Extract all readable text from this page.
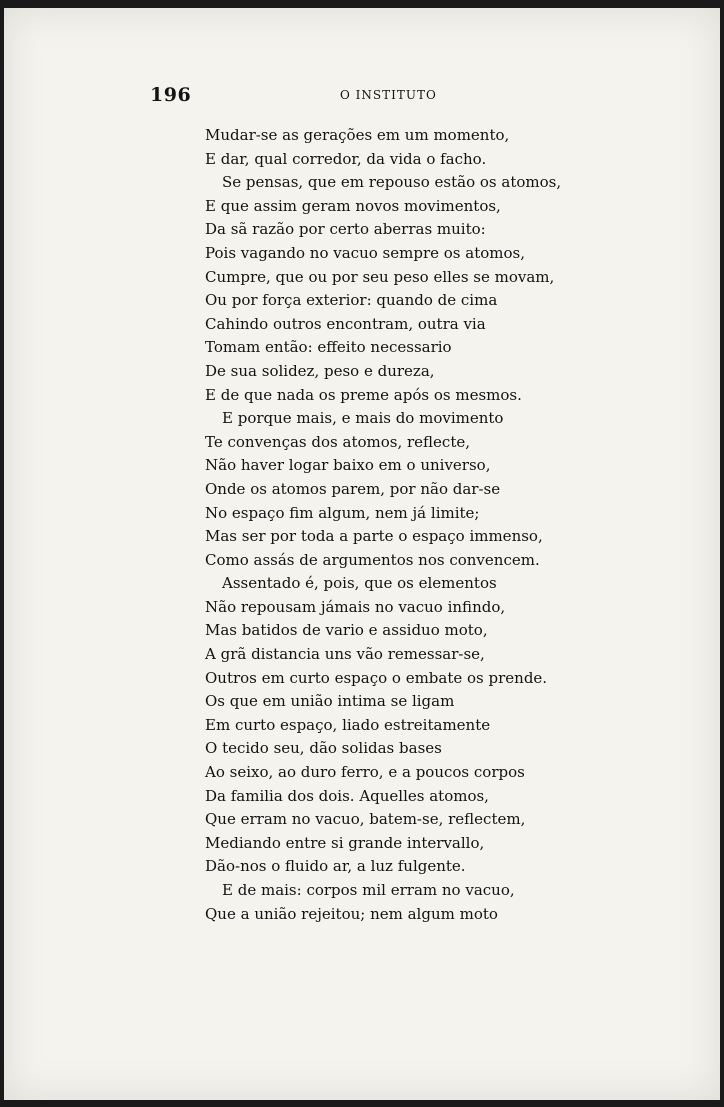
196	O INSTITUTO
Mudar-se as gerações em um momento,
E dar, qual corredor, da vida o facho.
Se pensas, que em repouso estão os atomos,
E que assim geram novos movimentos,
Da sã razão por certo aberras muito:
Pois vagando no vacuo sempre os atomos,
Cumpre, que ou por seu peso elles se movam,
Ou por força exterior: quando de cima
Cahindo outros encontram, outra via
Tomam então: effeito necessario
De sua solidez, peso e dureza,
E de que nada os preme após os mesmos.
E porque mais, e mais do movimento
Te convenças dos atomos, reflecte,
Não haver logar baixo em o universo,
Onde os atomos parem, por não dar-se
No espaço fim algum, nem já limite;
Mas ser por toda a parte o espaço immenso,
Como assás de argumentos nos convencem.
Assentado é, pois, que os elementos
Não repousam jámais no vacuo infindo,
Mas batidos de vario e assiduo moto,
A grã distancia uns vão remessar-se,
Outros em curto espaço o embate os prende.
Os que em união intima se ligam
Em curto espaço, liado estreitamente
O tecido seu, dão solidas bases
Ao seixo, ao duro ferro, e a poucos corpos
Da familia dos dois. Aquelles atomos,
Que erram no vacuo, batem-se, reflectem,
Mediando entre si grande intervallo,
Dão-nos o fluido ar, a luz fulgente.
E de mais: corpos mil erram no vacuo,
Que a união rejeitou; nem algum moto
